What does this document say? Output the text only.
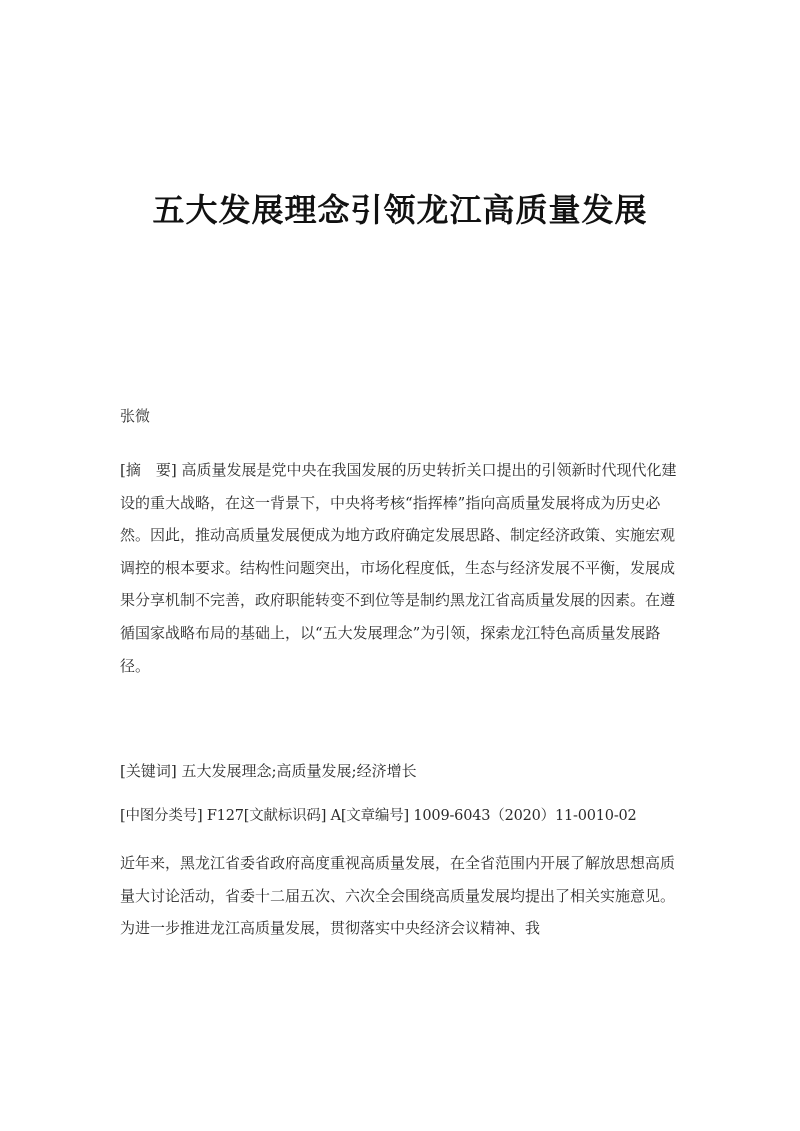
五大发展理念引领龙江高质量发展
张微

[摘　要] 高质量发展是党中央在我国发展的历史转折关口提出的引领新时代现代化建设的重大战略，在这一背景下，中央将考核“指挥棒”指向高质量发展将成为历史必然。因此，推动高质量发展便成为地方政府确定发展思路、制定经济政策、实施宏观调控的根本要求。结构性问题突出，市场化程度低，生态与经济发展不平衡，发展成果分享机制不完善，政府职能转变不到位等是制约黑龙江省高质量发展的因素。在遵循国家战略布局的基础上，以“五大发展理念”为引领，探索龙江特色高质量发展路径。

[关键词] 五大发展理念;高质量发展;经济增长

[中图分类号] F127[文献标识码] A[文章编号] 1009-6043（2020）11-0010-02

近年来，黑龙江省委省政府高度重视高质量发展，在全省范围内开展了解放思想高质量大讨论活动，省委十二届五次、六次全会围绕高质量发展均提出了相关实施意见。为进一步推进龙江高质量发展，贯彻落实中央经济会议精神、我
